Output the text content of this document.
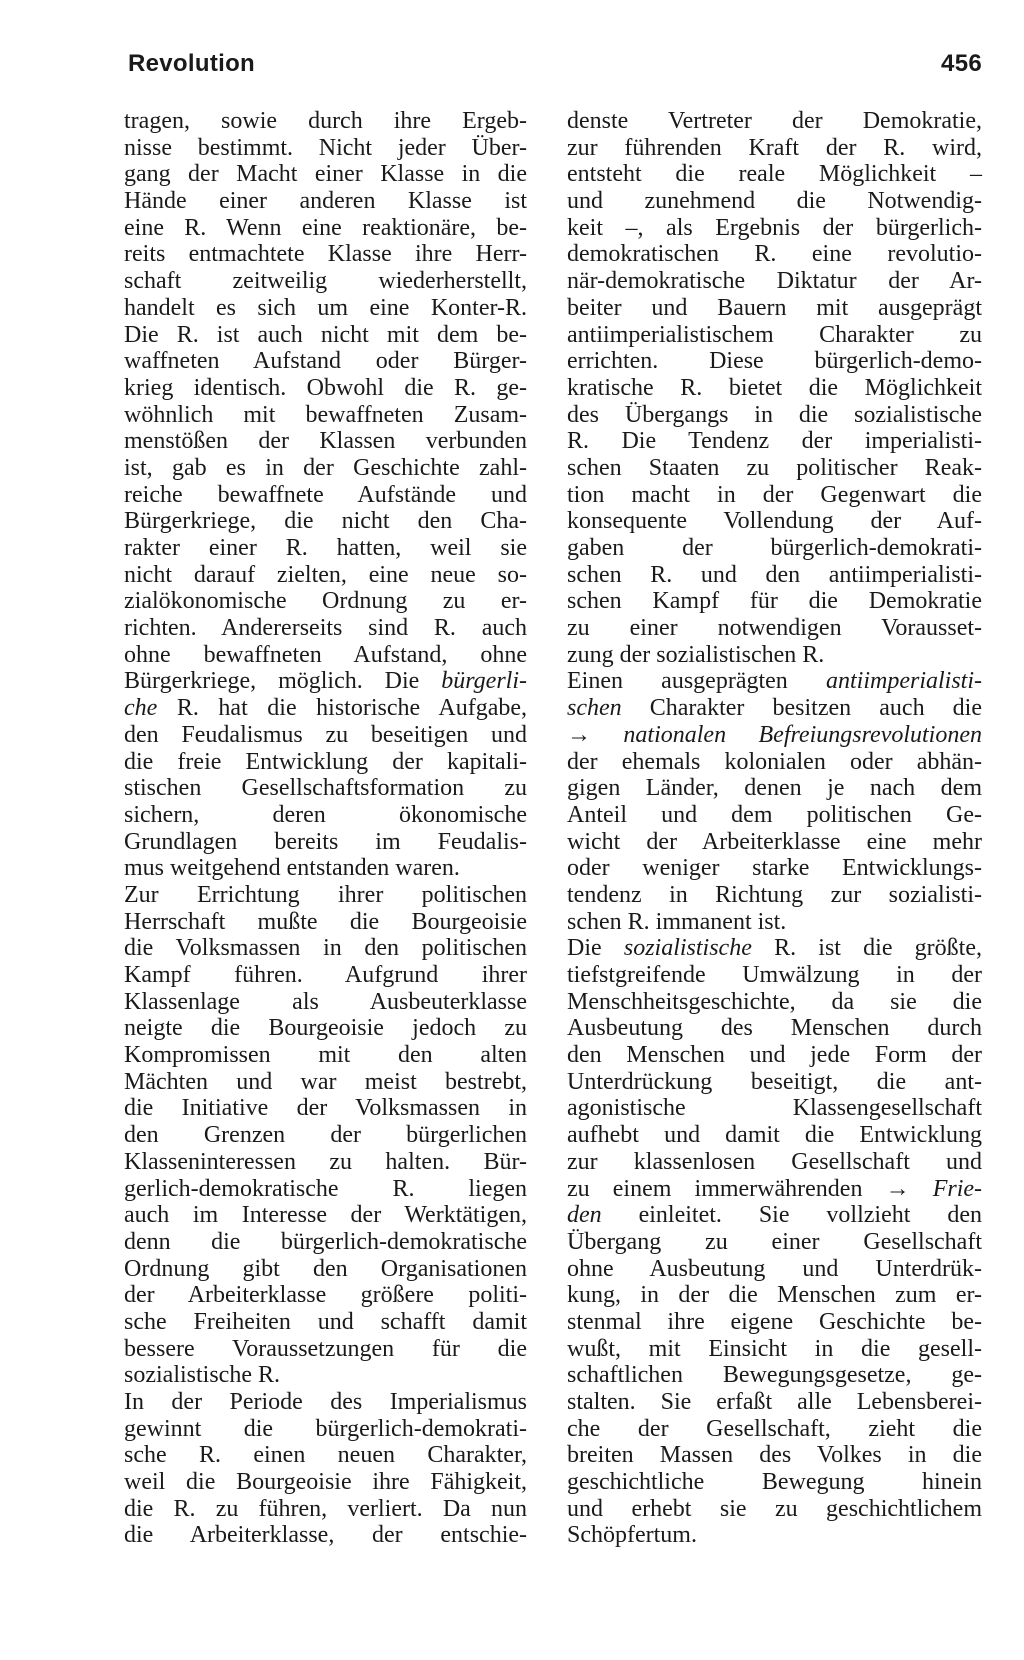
Revolution	456
tragen, sowie durch ihre Ergeb-
nisse bestimmt. Nicht jeder Über-
gang der Macht einer Klasse in die
Hände einer anderen Klasse ist
eine R. Wenn eine reaktionäre, be-
reits entmachtete Klasse ihre Herr-
schaft zeitweilig wiederherstellt,
handelt es sich um eine Konter-R.
Die R. ist auch nicht mit dem be-
waffneten Aufstand oder Bürger-
krieg identisch. Obwohl die R. ge-
wöhnlich mit bewaffneten Zusam-
menstößen der Klassen verbunden
ist, gab es in der Geschichte zahl-
reiche bewaffnete Aufstände und
Bürgerkriege, die nicht den Cha-
rakter einer R. hatten, weil sie
nicht darauf zielten, eine neue so-
zialökonomische Ordnung zu er-
richten. Andererseits sind R. auch
ohne bewaffneten Aufstand, ohne
Bürgerkriege, möglich. Die bürgerli-
che R. hat die historische Aufgabe,
den Feudalismus zu beseitigen und
die freie Entwicklung der kapitali-
stischen Gesellschaftsformation zu
sichern, deren ökonomische
Grundlagen bereits im Feudalis-
mus weitgehend entstanden waren.
Zur Errichtung ihrer politischen
Herrschaft mußte die Bourgeoisie
die Volksmassen in den politischen
Kampf führen. Aufgrund ihrer
Klassenlage als Ausbeuterklasse
neigte die Bourgeoisie jedoch zu
Kompromissen mit den alten
Mächten und war meist bestrebt,
die Initiative der Volksmassen in
den Grenzen der bürgerlichen
Klasseninteressen zu halten. Bür-
gerlich-demokratische R. liegen
auch im Interesse der Werktätigen,
denn die bürgerlich-demokratische
Ordnung gibt den Organisationen
der Arbeiterklasse größere politi-
sche Freiheiten und schafft damit
bessere Voraussetzungen für die
sozialistische R.
In der Periode des Imperialismus
gewinnt die bürgerlich-demokrati-
sche R. einen neuen Charakter,
weil die Bourgeoisie ihre Fähigkeit,
die R. zu führen, verliert. Da nun
die Arbeiterklasse, der entschie-
denste Vertreter der Demokratie,
zur führenden Kraft der R. wird,
entsteht die reale Möglichkeit –
und zunehmend die Notwendig-
keit –, als Ergebnis der bürgerlich-
demokratischen R. eine revolutio-
när-demokratische Diktatur der Ar-
beiter und Bauern mit ausgeprägt
antiimperialistischem Charakter zu
errichten. Diese bürgerlich-demo-
kratische R. bietet die Möglichkeit
des Übergangs in die sozialistische
R. Die Tendenz der imperialisti-
schen Staaten zu politischer Reak-
tion macht in der Gegenwart die
konsequente Vollendung der Auf-
gaben der bürgerlich-demokrati-
schen R. und den antiimperialisti-
schen Kampf für die Demokratie
zu einer notwendigen Vorausset-
zung der sozialistischen R.
Einen ausgeprägten antiimperialisti-
schen Charakter besitzen auch die
→ nationalen Befreiungsrevolutionen
der ehemals kolonialen oder abhän-
gigen Länder, denen je nach dem
Anteil und dem politischen Ge-
wicht der Arbeiterklasse eine mehr
oder weniger starke Entwicklungs-
tendenz in Richtung zur sozialisti-
schen R. immanent ist.
Die sozialistische R. ist die größte,
tiefstgreifende Umwälzung in der
Menschheitsgeschichte, da sie die
Ausbeutung des Menschen durch
den Menschen und jede Form der
Unterdrückung beseitigt, die ant-
agonistische Klassengesellschaft
aufhebt und damit die Entwicklung
zur klassenlosen Gesellschaft und
zu einem immerwährenden → Frie-
den einleitet. Sie vollzieht den
Übergang zu einer Gesellschaft
ohne Ausbeutung und Unterdrük-
kung, in der die Menschen zum er-
stenmal ihre eigene Geschichte be-
wußt, mit Einsicht in die gesell-
schaftlichen Bewegungsgesetze, ge-
stalten. Sie erfaßt alle Lebensberei-
che der Gesellschaft, zieht die
breiten Massen des Volkes in die
geschichtliche Bewegung hinein
und erhebt sie zu geschichtlichem
Schöpfertum.
